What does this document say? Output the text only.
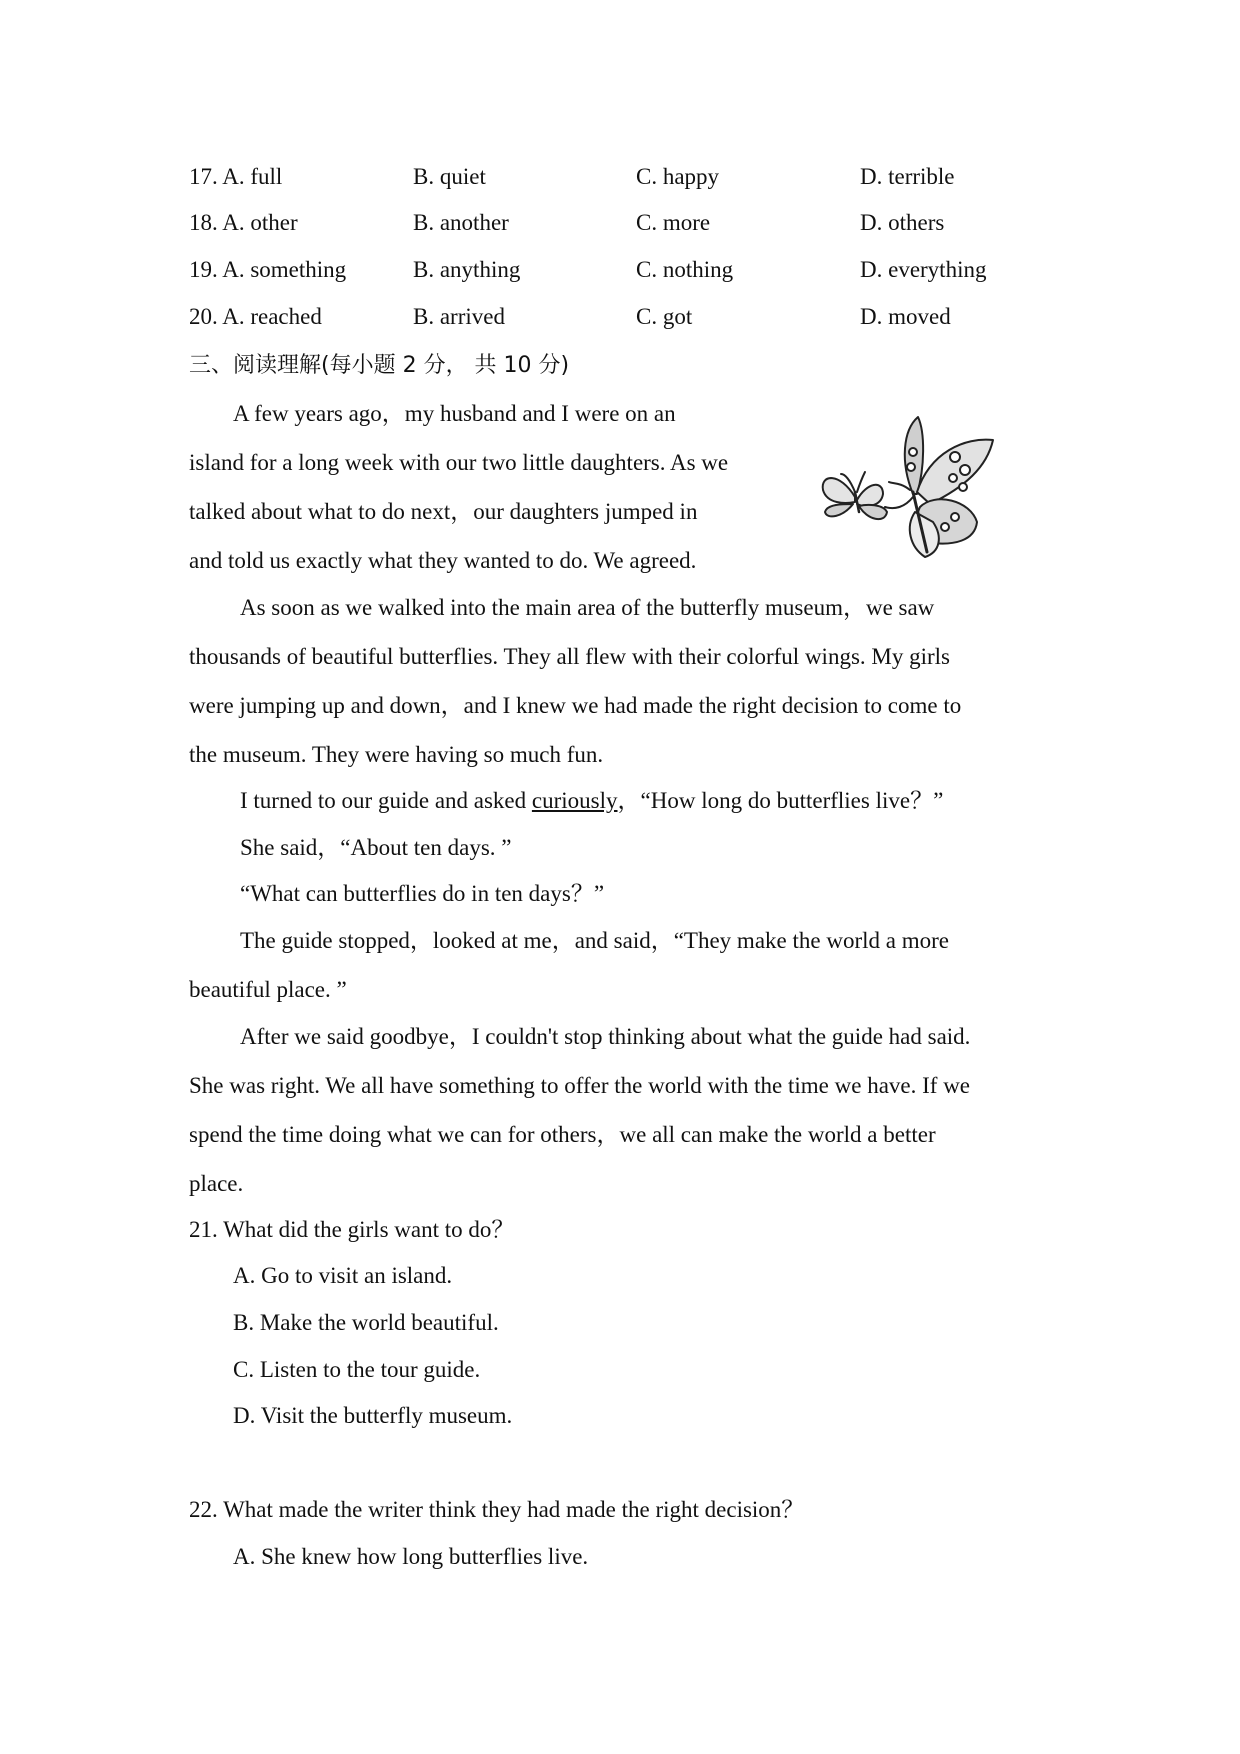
17. A. full	B. quiet	C. happy	D. terrible
18. A. other	B. another	C. more	D. others
19. A. something	B. anything	C. nothing	D. everything
20. A. reached	B. arrived	C. got	D. moved
三、阅读理解(每小题 2 分， 共 10 分)
A few years ago，my husband and I were on an
island for a long week with our two little daughters. As we
talked about what to do next，our daughters jumped in
and told us exactly what they wanted to do. We agreed.
As soon as we walked into the main area of the butterfly museum，we saw
thousands of beautiful butterflies. They all flew with their colorful wings. My girls
were jumping up and down，and I knew we had made the right decision to come to
the museum. They were having so much fun.
I turned to our guide and asked curiously，“How long do butterflies live？”
She said，“About ten days. ”
“What can butterflies do in ten days？”
The guide stopped，looked at me，and said，“They make the world a more
beautiful place. ”
After we said goodbye，I couldn't stop thinking about what the guide had said.
She was right. We all have something to offer the world with the time we have. If we
spend the time doing what we can for others，we all can make the world a better
place.
21. What did the girls want to do？
A. Go to visit an island.
B. Make the world beautiful.
C. Listen to the tour guide.
D. Visit the butterfly museum.
22. What made the writer think they had made the right decision？
A. She knew how long butterflies live.
